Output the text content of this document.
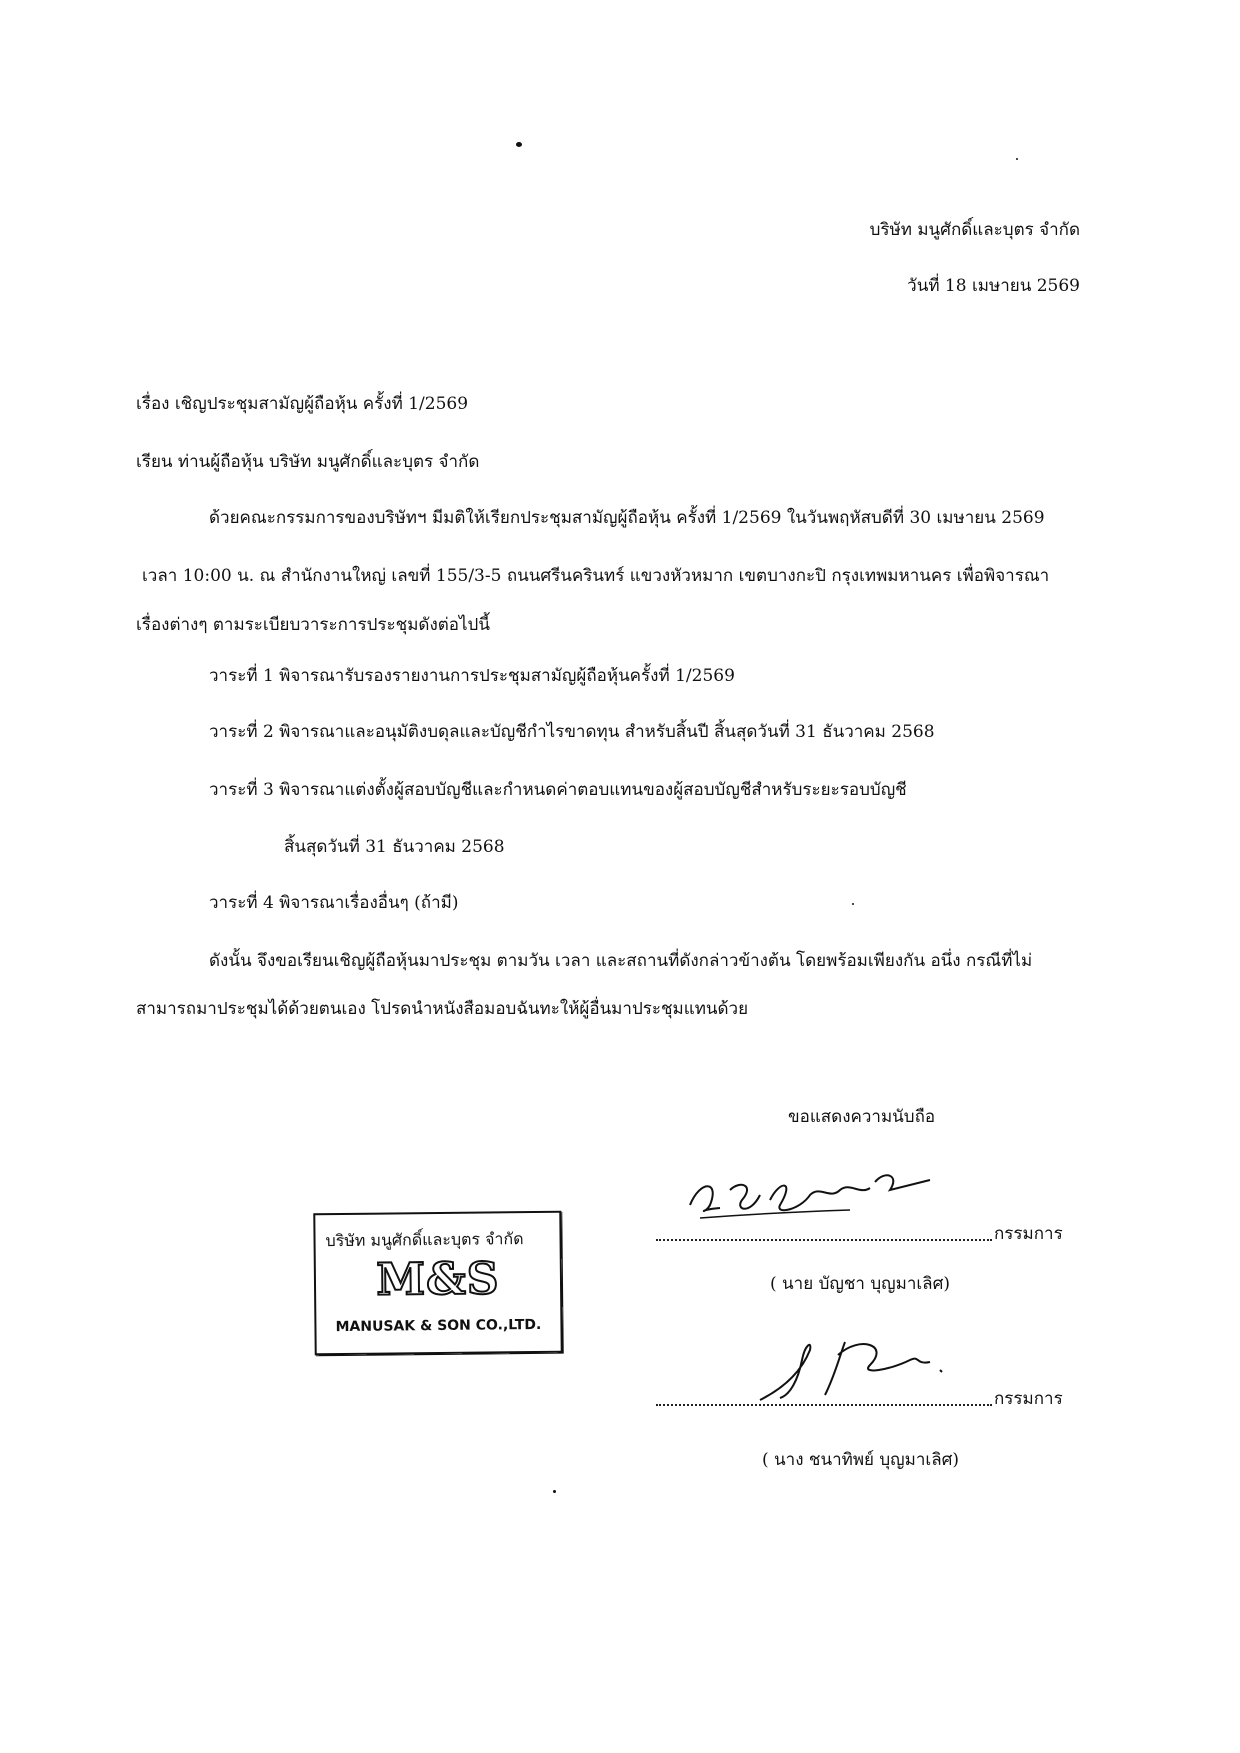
บริษัท มนูศักดิ์และบุตร จำกัด
วันที่ 18 เมษายน 2569
เรื่อง เชิญประชุมสามัญผู้ถือหุ้น ครั้งที่ 1/2569
เรียน ท่านผู้ถือหุ้น บริษัท มนูศักดิ์และบุตร จำกัด
ด้วยคณะกรรมการของบริษัทฯ มีมติให้เรียกประชุมสามัญผู้ถือหุ้น ครั้งที่ 1/2569 ในวันพฤหัสบดีที่ 30 เมษายน 2569
เวลา 10:00 น. ณ สำนักงานใหญ่ เลขที่ 155/3-5 ถนนศรีนครินทร์ แขวงหัวหมาก เขตบางกะปิ กรุงเทพมหานคร เพื่อพิจารณา
เรื่องต่างๆ ตามระเบียบวาระการประชุมดังต่อไปนี้
วาระที่ 1 พิจารณารับรองรายงานการประชุมสามัญผู้ถือหุ้นครั้งที่ 1/2569
วาระที่ 2 พิจารณาและอนุมัติงบดุลและบัญชีกำไรขาดทุน สำหรับสิ้นปี สิ้นสุดวันที่ 31 ธันวาคม 2568
วาระที่ 3 พิจารณาแต่งตั้งผู้สอบบัญชีและกำหนดค่าตอบแทนของผู้สอบบัญชีสำหรับระยะรอบบัญชี
สิ้นสุดวันที่ 31 ธันวาคม 2568
วาระที่ 4 พิจารณาเรื่องอื่นๆ (ถ้ามี)
ดังนั้น จึงขอเรียนเชิญผู้ถือหุ้นมาประชุม ตามวัน เวลา และสถานที่ดังกล่าวข้างต้น โดยพร้อมเพียงกัน อนึ่ง กรณีที่ไม่
สามารถมาประชุมได้ด้วยตนเอง โปรดนำหนังสือมอบฉันทะให้ผู้อื่นมาประชุมแทนด้วย
ขอแสดงความนับถือ
กรรมการ
( นาย บัญชา บุญมาเลิศ)
กรรมการ
( นาง ชนาทิพย์ บุญมาเลิศ)
บริษัท มนูศักดิ์และบุตร จำกัด
M&S
MANUSAK & SON CO.,LTD.
